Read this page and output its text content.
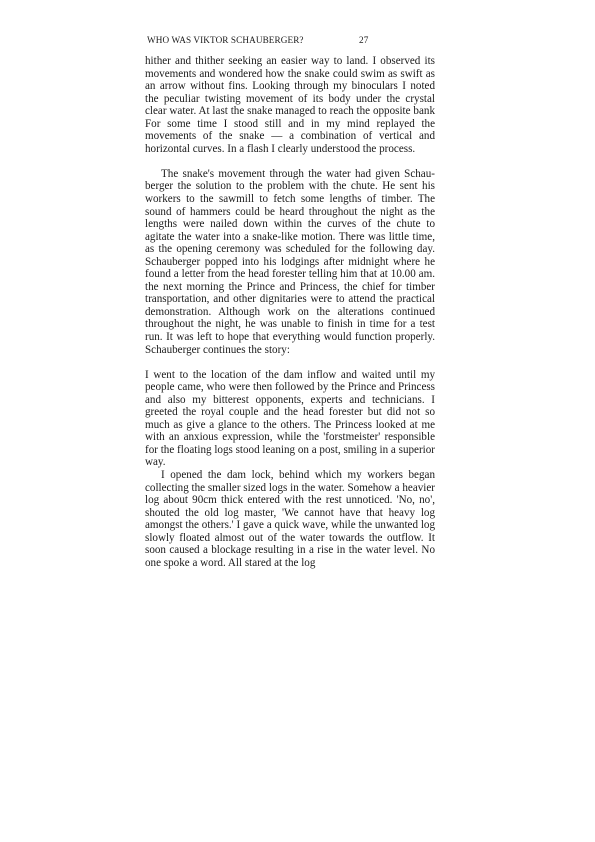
WHO WAS VIKTOR SCHAUBERGER?	27

hither and thither seeking an easier way to land. I observed its movements and wondered how the snake could swim as swift as an arrow without fins. Looking through my binoculars I noted the peculiar twisting movement of its body under the crystal clear water. At last the snake managed to reach the opposite bank For some time I stood still and in my mind replayed the movements of the snake — a combination of vertical and horizontal curves. In a flash I clearly understood the process.

The snake's movement through the water had given Schauberger the solution to the problem with the chute. He sent his workers to the sawmill to fetch some lengths of timber. The sound of hammers could be heard throughout the night as the lengths were nailed down within the curves of the chute to agitate the water into a snake-like motion. There was little time, as the opening ceremony was scheduled for the following day. Schauberger popped into his lodgings after midnight where he found a letter from the head forester telling him that at 10.00 am. the next morning the Prince and Princess, the chief for timber transportation, and other dignitaries were to attend the practical demonstration. Although work on the alterations continued throughout the night, he was unable to finish in time for a test run. It was left to hope that everything would function properly. Schauberger continues the story:

I went to the location of the dam inflow and waited until my people came, who were then followed by the Prince and Princess and also my bitterest opponents, experts and technicians. I greeted the royal couple and the head forester but did not so much as give a glance to the others. The Princess looked at me with an anxious expression, while the 'forstmeister' responsible for the floating logs stood leaning on a post, smiling in a superior way.

I opened the dam lock, behind which my workers began collecting the smaller sized logs in the water. Somehow a heavier log about 90cm thick entered with the rest unnoticed. 'No, no', shouted the old log master, 'We cannot have that heavy log amongst the others.' I gave a quick wave, while the unwanted log slowly floated almost out of the water towards the outflow. It soon caused a blockage resulting in a rise in the water level. No one spoke a word. All stared at the log
